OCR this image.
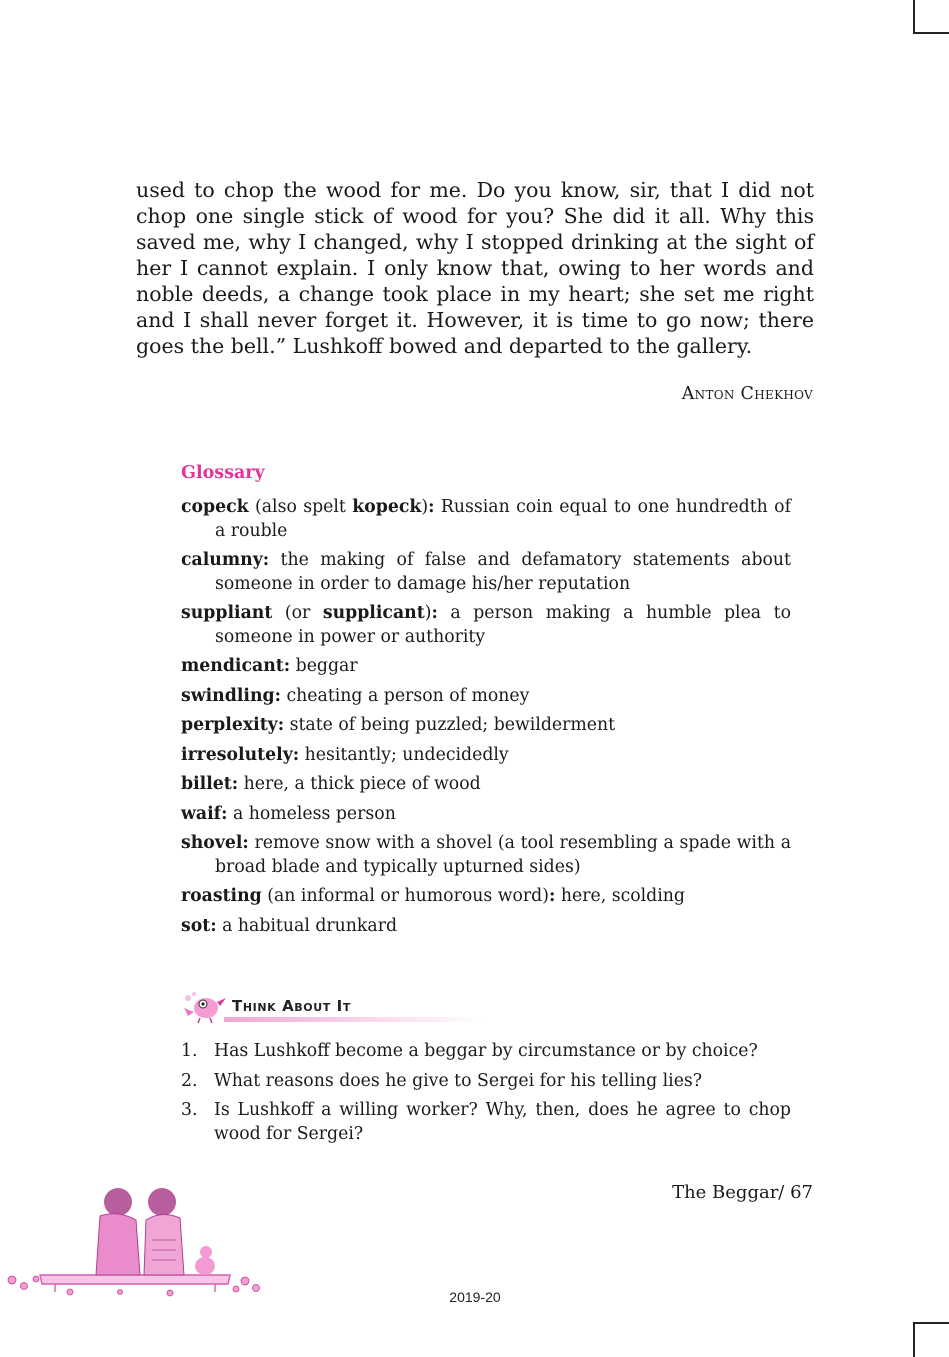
used to chop the wood for me. Do you know, sir, that I did not
chop one single stick of wood for you? She did it all. Why this
saved me, why I changed, why I stopped drinking at the sight of
her I cannot explain. I only know that, owing to her words and
noble deeds, a change took place in my heart; she set me right
and I shall never forget it. However, it is time to go now; there
goes the bell.” Lushkoff bowed and departed to the gallery.
Anton Chekhov
Glossary

copeck (also spelt kopeck): Russian coin equal to one hundredth of a rouble

calumny: the making of false and defamatory statements about someone in order to damage his/her reputation

suppliant (or supplicant): a person making a humble plea to someone in power or authority

mendicant: beggar

swindling: cheating a person of money

perplexity: state of being puzzled; bewilderment

irresolutely: hesitantly; undecidedly

billet: here, a thick piece of wood

waif: a homeless person

shovel: remove snow with a shovel (a tool resembling a spade with a broad blade and typically upturned sides)

roasting (an informal or humorous word): here, scolding

sot: a habitual drunkard

Think About It
1. Has Lushkoff become a beggar by circumstance or by choice?
2. What reasons does he give to Sergei for his telling lies?
3. Is Lushkoff a willing worker? Why, then, does he agree to chop wood for Sergei?
The Beggar/ 67
2019-20
